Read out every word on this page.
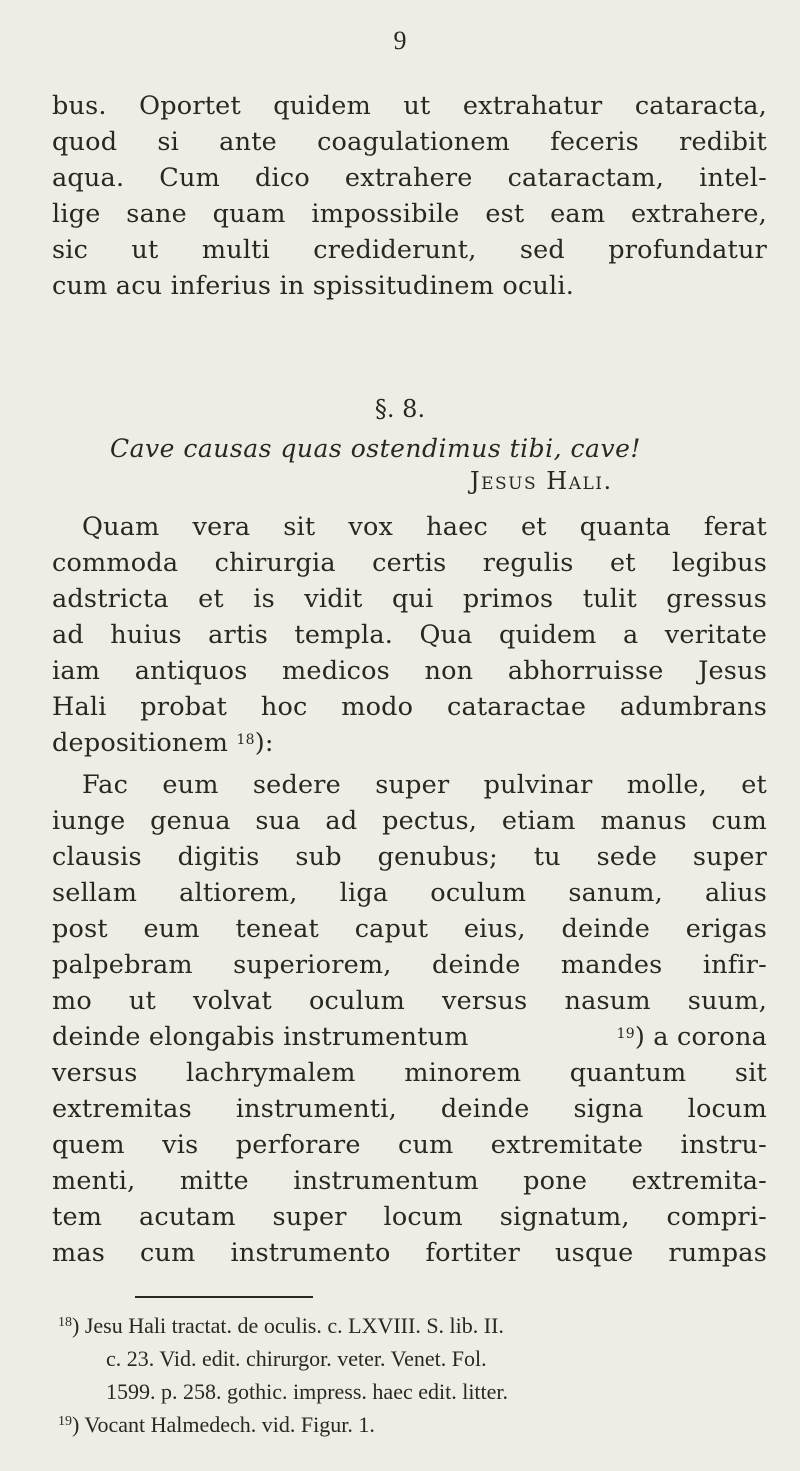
9
bus. Oportet quidem ut extrahatur cataracta,
quod si ante coagulationem feceris redibit
aqua. Cum dico extrahere cataractam, intel-
lige sane quam impossibile est eam extrahere,
sic ut multi crediderunt, sed profundatur
cum acu inferius in spissitudinem oculi.
§. 8.
Cave causas quas ostendimus tibi, cave!
Jesus Hali.
Quam vera sit vox haec et quanta ferat
commoda chirurgia certis regulis et legibus
adstricta et is vidit qui primos tulit gressus
ad huius artis templa. Qua quidem a veritate
iam antiquos medicos non abhorruisse Jesus
Hali probat hoc modo cataractae adumbrans
depositionem $^{18}$):
Fac eum sedere super pulvinar molle, et
iunge genua sua ad pectus, etiam manus cum
clausis digitis sub genubus; tu sede super
sellam altiorem, liga oculum sanum, alius
post eum teneat caput eius, deinde erigas
palpebram superiorem, deinde mandes infir-
mo ut volvat oculum versus nasum suum,
deinde elongabis instrumentum	$^{19}$) a corona
versus lachrymalem minorem quantum sit
extremitas instrumenti, deinde signa locum
quem vis perforare cum extremitate instru-
menti, mitte instrumentum pone extremita-
tem acutam super locum signatum, compri-
mas cum instrumento fortiter usque rumpas
$^{18}$) Jesu Hali tractat. de oculis. c. LXVIII. S. lib. II.
c. 23. Vid. edit. chirurgor. veter. Venet. Fol.
1599. p. 258. gothic. impress. haec edit. litter.
$^{19}$) Vocant Halmedech. vid. Figur. 1.
